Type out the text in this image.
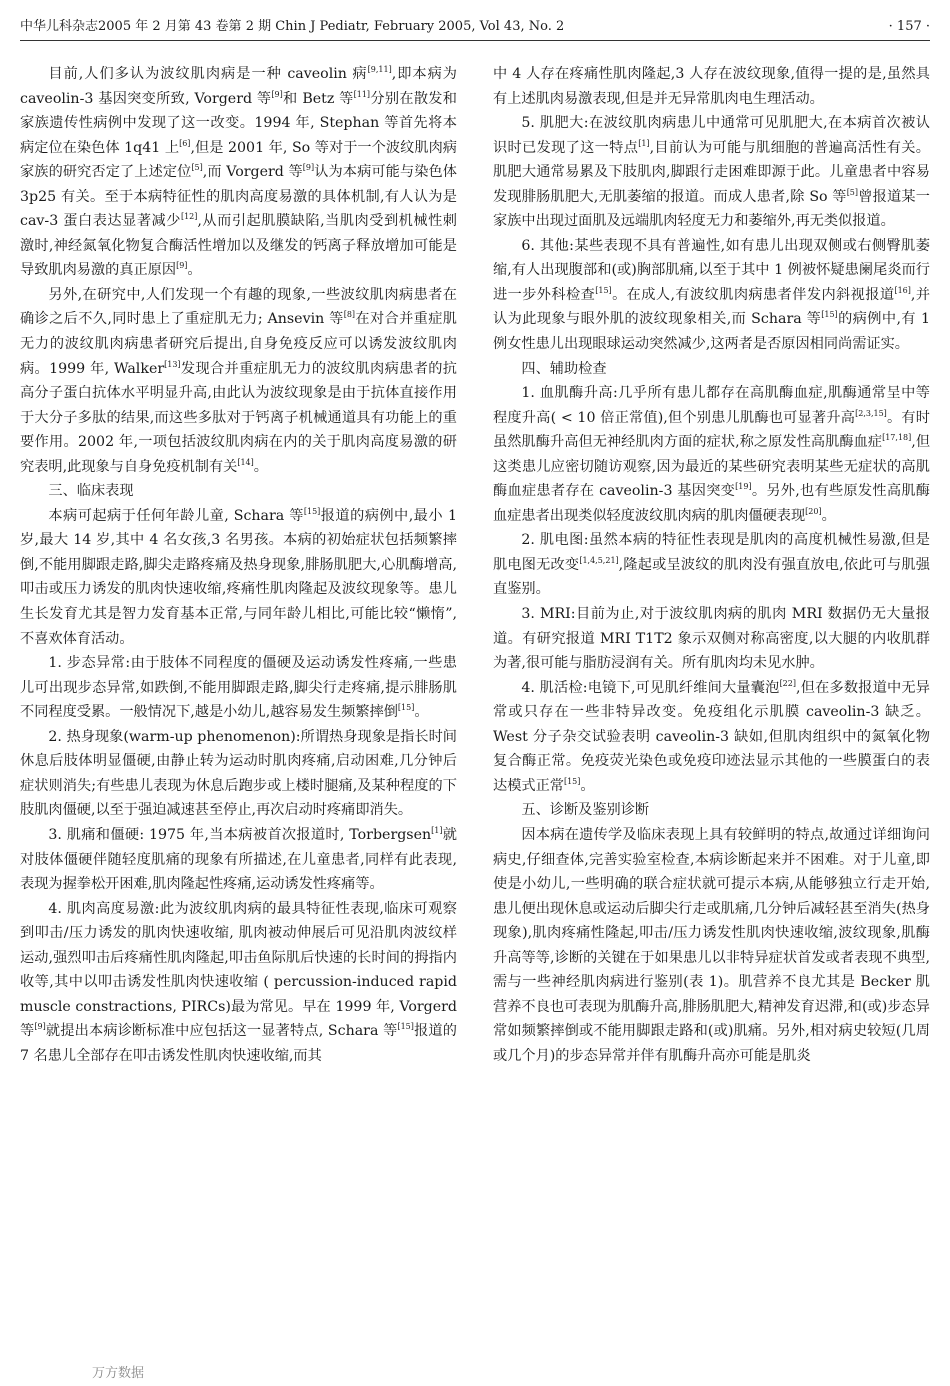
中华儿科杂志2005 年 2 月第 43 卷第 2 期 Chin J Pediatr, February 2005, Vol 43, No. 2	· 157 ·

目前,人们多认为波纹肌肉病是一种 caveolin 病[9,11],即本病为 caveolin-3 基因突变所致, Vorgerd 等[9]和 Betz 等[11]分别在散发和家族遗传性病例中发现了这一改变。1994 年, Stephan 等首先将本病定位在染色体 1q41 上[6],但是 2001 年, So 等对于一个波纹肌肉病家族的研究否定了上述定位[5],而 Vorgerd 等[9]认为本病可能与染色体 3p25 有关。至于本病特征性的肌肉高度易激的具体机制,有人认为是 cav-3 蛋白表达显著减少[12],从而引起肌膜缺陷,当肌肉受到机械性刺激时,神经氮氧化物复合酶活性增加以及继发的钙离子释放增加可能是导致肌肉易激的真正原因[9]。

另外,在研究中,人们发现一个有趣的现象,一些波纹肌肉病患者在确诊之后不久,同时患上了重症肌无力; Ansevin 等[8]在对合并重症肌无力的波纹肌肉病患者研究后提出,自身免疫反应可以诱发波纹肌肉病。1999 年, Walker[13]发现合并重症肌无力的波纹肌肉病患者的抗高分子蛋白抗体水平明显升高,由此认为波纹现象是由于抗体直接作用于大分子多肽的结果,而这些多肽对于钙离子机械通道具有功能上的重要作用。2002 年,一项包括波纹肌肉病在内的关于肌肉高度易激的研究表明,此现象与自身免疫机制有关[14]。

三、临床表现

本病可起病于任何年龄儿童, Schara 等[15]报道的病例中,最小 1 岁,最大 14 岁,其中 4 名女孩,3 名男孩。本病的初始症状包括频繁摔倒,不能用脚跟走路,脚尖走路疼痛及热身现象,腓肠肌肥大,心肌酶增高,叩击或压力诱发的肌肉快速收缩,疼痛性肌肉隆起及波纹现象等。患儿生长发育尤其是智力发育基本正常,与同年龄儿相比,可能比较“懒惰”,不喜欢体育活动。

1. 步态异常:由于肢体不同程度的僵硬及运动诱发性疼痛,一些患儿可出现步态异常,如跌倒,不能用脚跟走路,脚尖行走疼痛,提示腓肠肌不同程度受累。一般情况下,越是小幼儿,越容易发生频繁摔倒[15]。

2. 热身现象(warm-up phenomenon):所谓热身现象是指长时间休息后肢体明显僵硬,由静止转为运动时肌肉疼痛,启动困难,几分钟后症状则消失;有些患儿表现为休息后跑步或上楼时腿痛,及某种程度的下肢肌肉僵硬,以至于强迫减速甚至停止,再次启动时疼痛即消失。

3. 肌痛和僵硬: 1975 年,当本病被首次报道时, Torbergsen[1]就对肢体僵硬伴随轻度肌痛的现象有所描述,在儿童患者,同样有此表现,表现为握拳松开困难,肌肉隆起性疼痛,运动诱发性疼痛等。

4. 肌肉高度易激:此为波纹肌肉病的最具特征性表现,临床可观察到叩击/压力诱发的肌肉快速收缩, 肌肉被动伸展后可见沿肌肉波纹样运动,强烈叩击后疼痛性肌肉隆起,叩击鱼际肌后快速的长时间的拇指内收等,其中以叩击诱发性肌肉快速收缩 ( percussion-induced rapid muscle constractions, PIRCs)最为常见。早在 1999 年, Vorgerd 等[9]就提出本病诊断标准中应包括这一显著特点, Schara 等[15]报道的 7 名患儿全部存在叩击诱发性肌肉快速收缩,而其

中 4 人存在疼痛性肌肉隆起,3 人存在波纹现象,值得一提的是,虽然具有上述肌肉易激表现,但是并无异常肌肉电生理活动。

5. 肌肥大:在波纹肌肉病患儿中通常可见肌肥大,在本病首次被认识时已发现了这一特点[1],目前认为可能与肌细胞的普遍高活性有关。肌肥大通常易累及下肢肌肉,脚跟行走困难即源于此。儿童患者中容易发现腓肠肌肥大,无肌萎缩的报道。而成人患者,除 So 等[5]曾报道某一家族中出现过面肌及远端肌肉轻度无力和萎缩外,再无类似报道。

6. 其他:某些表现不具有普遍性,如有患儿出现双侧或右侧臀肌萎缩,有人出现腹部和(或)胸部肌痛,以至于其中 1 例被怀疑患阑尾炎而行进一步外科检查[15]。在成人,有波纹肌肉病患者伴发内斜视报道[16],并认为此现象与眼外肌的波纹现象相关,而 Schara 等[15]的病例中,有 1 例女性患儿出现眼球运动突然减少,这两者是否原因相同尚需证实。

四、辅助检查

1. 血肌酶升高:几乎所有患儿都存在高肌酶血症,肌酶通常呈中等程度升高( < 10 倍正常值),但个别患儿肌酶也可显著升高[2,3,15]。有时虽然肌酶升高但无神经肌肉方面的症状,称之原发性高肌酶血症[17,18],但这类患儿应密切随访观察,因为最近的某些研究表明某些无症状的高肌酶血症患者存在 caveolin-3 基因突变[19]。另外,也有些原发性高肌酶血症患者出现类似轻度波纹肌肉病的肌肉僵硬表现[20]。

2. 肌电图:虽然本病的特征性表现是肌肉的高度机械性易激,但是肌电图无改变[1,4,5,21],隆起或呈波纹的肌肉没有强直放电,依此可与肌强直鉴别。

3. MRI:目前为止,对于波纹肌肉病的肌肉 MRI 数据仍无大量报道。有研究报道 MRI T1T2 象示双侧对称高密度,以大腿的内收肌群为著,很可能与脂肪浸润有关。所有肌肉均未见水肿。

4. 肌活检:电镜下,可见肌纤维间大量囊泡[22],但在多数报道中无异常或只存在一些非特异改变。免疫组化示肌膜 caveolin-3 缺乏。 West 分子杂交试验表明 caveolin-3 缺如,但肌肉组织中的氮氧化物复合酶正常。免疫荧光染色或免疫印迹法显示其他的一些膜蛋白的表达模式正常[15]。

五、诊断及鉴别诊断

因本病在遗传学及临床表现上具有较鲜明的特点,故通过详细询问病史,仔细查体,完善实验室检查,本病诊断起来并不困难。对于儿童,即使是小幼儿,一些明确的联合症状就可提示本病,从能够独立行走开始,患儿便出现休息或运动后脚尖行走或肌痛,几分钟后减轻甚至消失(热身现象),肌肉疼痛性隆起,叩击/压力诱发性肌肉快速收缩,波纹现象,肌酶升高等等,诊断的关键在于如果患儿以非特异症状首发或者表现不典型,需与一些神经肌肉病进行鉴别(表 1)。肌营养不良尤其是 Becker 肌营养不良也可表现为肌酶升高,腓肠肌肥大,精神发育迟滞,和(或)步态异常如频繁摔倒或不能用脚跟走路和(或)肌痛。另外,相对病史较短(几周或几个月)的步态异常并伴有肌酶升高亦可能是肌炎

万方数据
